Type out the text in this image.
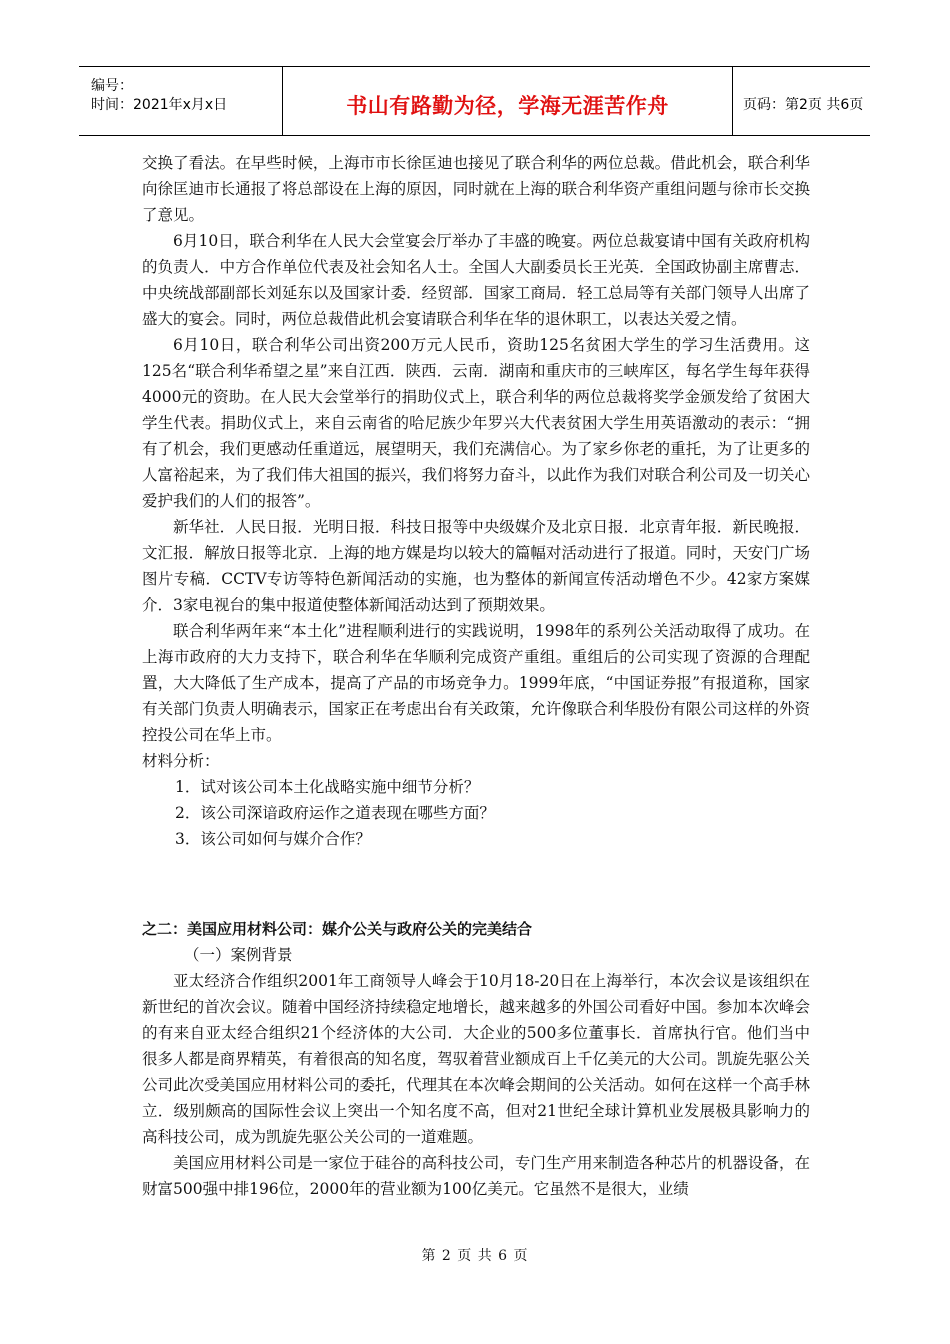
编号：
时间：2021年x月x日	书山有路勤为径，学海无涯苦作舟	页码：第2页 共6页

交换了看法。在早些时候，上海市市长徐匡迪也接见了联合利华的两位总裁。借此机会，联合利华向徐匡迪市长通报了将总部设在上海的原因，同时就在上海的联合利华资产重组问题与徐市长交换了意见。

6月10日，联合利华在人民大会堂宴会厅举办了丰盛的晚宴。两位总裁宴请中国有关政府机构的负责人．中方合作单位代表及社会知名人士。全国人大副委员长王光英．全国政协副主席曹志．中央统战部副部长刘延东以及国家计委．经贸部．国家工商局．轻工总局等有关部门领导人出席了盛大的宴会。同时，两位总裁借此机会宴请联合利华在华的退休职工，以表达关爱之情。

6月10日，联合利华公司出资200万元人民币，资助125名贫困大学生的学习生活费用。这125名“联合利华希望之星”来自江西．陕西．云南．湖南和重庆市的三峡库区，每名学生每年获得4000元的资助。在人民大会堂举行的捐助仪式上，联合利华的两位总裁将奖学金颁发给了贫困大学生代表。捐助仪式上，来自云南省的哈尼族少年罗兴大代表贫困大学生用英语激动的表示：“拥有了机会，我们更感动任重道远，展望明天，我们充满信心。为了家乡你老的重托，为了让更多的人富裕起来，为了我们伟大祖国的振兴，我们将努力奋斗，以此作为我们对联合利公司及一切关心爱护我们的人们的报答”。

新华社．人民日报．光明日报．科技日报等中央级媒介及北京日报．北京青年报．新民晚报．文汇报．解放日报等北京．上海的地方媒是均以较大的篇幅对活动进行了报道。同时，天安门广场图片专稿．CCTV专访等特色新闻活动的实施，也为整体的新闻宣传活动增色不少。42家方案媒介．3家电视台的集中报道使整体新闻活动达到了预期效果。

联合利华两年来“本土化”进程顺利进行的实践说明，1998年的系列公关活动取得了成功。在上海市政府的大力支持下，联合利华在华顺利完成资产重组。重组后的公司实现了资源的合理配置，大大降低了生产成本，提高了产品的市场竞争力。1999年底，“中国证券报”有报道称，国家有关部门负责人明确表示，国家正在考虑出台有关政策，允许像联合利华股份有限公司这样的外资控投公司在华上市。

材料分析：

1．试对该公司本土化战略实施中细节分析？

2．该公司深谙政府运作之道表现在哪些方面？

3．该公司如何与媒介合作？

之二：美国应用材料公司：媒介公关与政府公关的完美结合

（一）案例背景

亚太经济合作组织2001年工商领导人峰会于10月18-20日在上海举行，本次会议是该组织在新世纪的首次会议。随着中国经济持续稳定地增长，越来越多的外国公司看好中国。参加本次峰会的有来自亚太经合组织21个经济体的大公司．大企业的500多位董事长．首席执行官。他们当中很多人都是商界精英，有着很高的知名度，驾驭着营业额成百上千亿美元的大公司。凯旋先驱公关公司此次受美国应用材料公司的委托，代理其在本次峰会期间的公关活动。如何在这样一个高手林立．级别颇高的国际性会议上突出一个知名度不高，但对21世纪全球计算机业发展极具影响力的高科技公司，成为凯旋先驱公关公司的一道难题。

美国应用材料公司是一家位于硅谷的高科技公司，专门生产用来制造各种芯片的机器设备，在财富500强中排196位，2000年的营业额为100亿美元。它虽然不是很大，业绩

第 2 页 共 6 页
